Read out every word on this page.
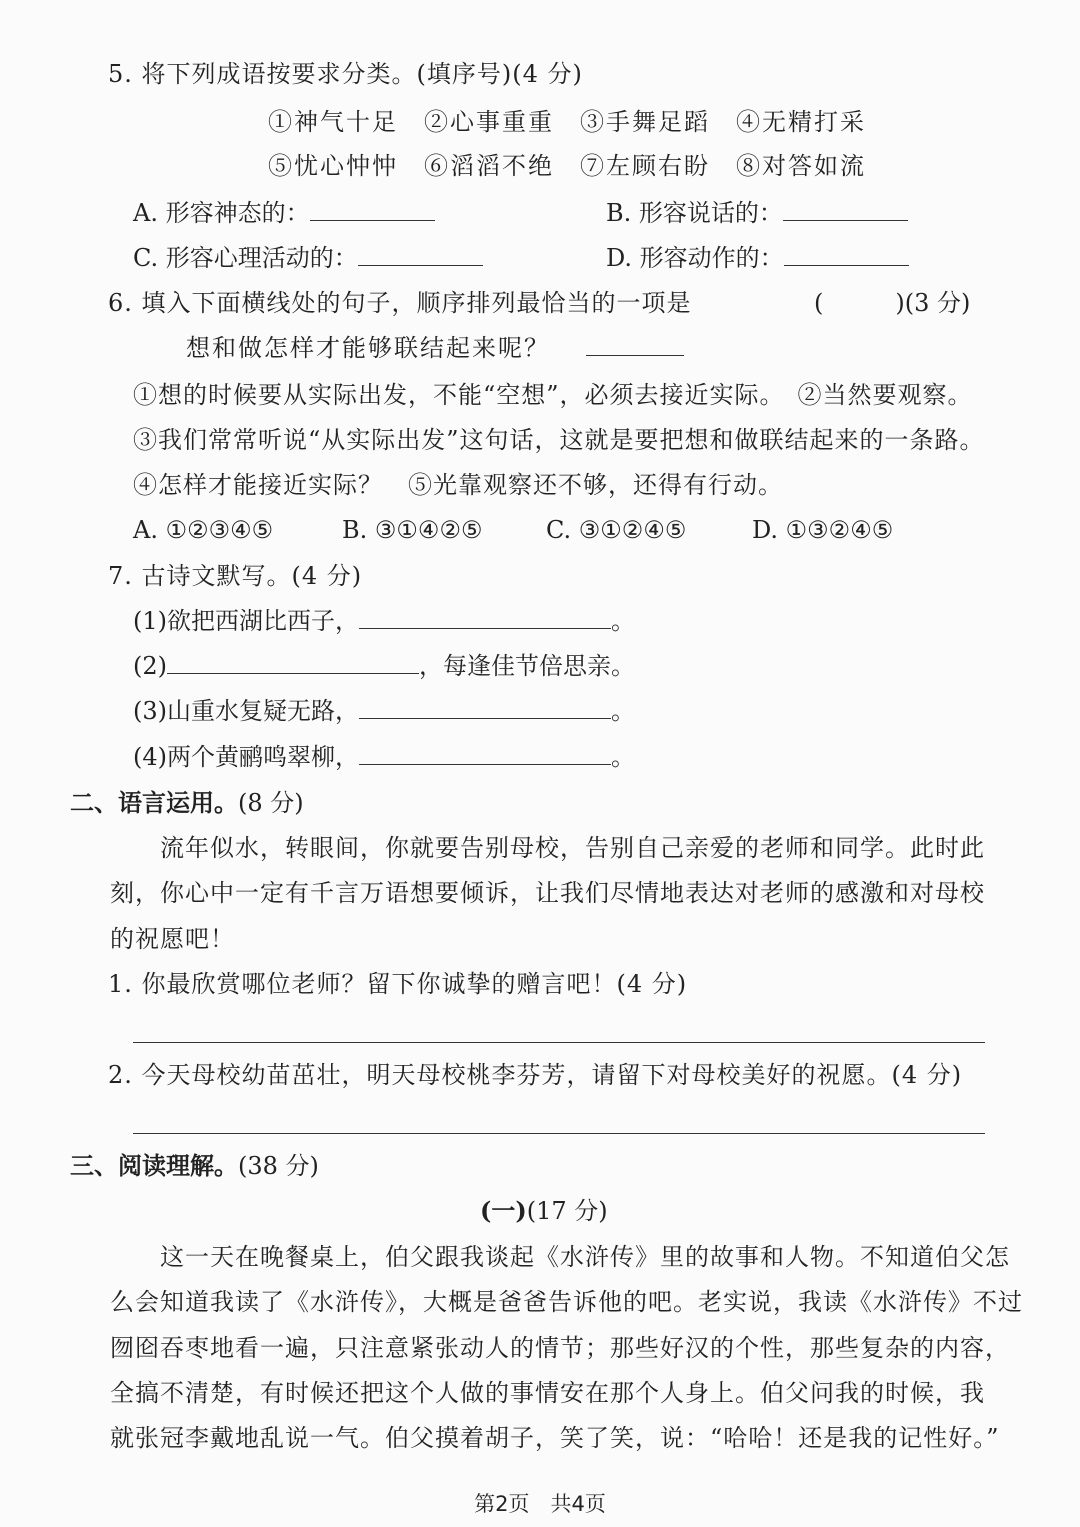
5. 将下列成语按要求分类。(填序号)(4 分)
①神气十足　②心事重重　③手舞足蹈　④无精打采
⑤忧心忡忡　⑥滔滔不绝　⑦左顾右盼　⑧对答如流
A. 形容神态的：	B. 形容说话的：
C. 形容心理活动的：	D. 形容动作的：
6. 填入下面横线处的句子，顺序排列最恰当的一项是	(　　　)(3 分)
想和做怎样才能够联结起来呢？
①想的时候要从实际出发，不能“空想”，必须去接近实际。　②当然要观察。
③我们常常听说“从实际出发”这句话，这就是要把想和做联结起来的一条路。
④怎样才能接近实际？　⑤光靠观察还不够，还得有行动。
A. ①②③④⑤	B. ③①④②⑤	C. ③①②④⑤	D. ①③②④⑤
7. 古诗文默写。(4 分)
(1)欲把西湖比西子，	。
(2)	，每逢佳节倍思亲。
(3)山重水复疑无路，	。
(4)两个黄鹂鸣翠柳，	。
二、语言运用。(8 分)
流年似水，转眼间，你就要告别母校，告别自己亲爱的老师和同学。此时此
刻，你心中一定有千言万语想要倾诉，让我们尽情地表达对老师的感激和对母校
的祝愿吧！
1. 你最欣赏哪位老师？留下你诚挚的赠言吧！(4 分)
2. 今天母校幼苗茁壮，明天母校桃李芬芳，请留下对母校美好的祝愿。(4 分)
三、阅读理解。(38 分)
(一)(17 分)
这一天在晚餐桌上，伯父跟我谈起《水浒传》里的故事和人物。不知道伯父怎
么会知道我读了《水浒传》，大概是爸爸告诉他的吧。老实说，我读《水浒传》不过
囫囵吞枣地看一遍，只注意紧张动人的情节；那些好汉的个性，那些复杂的内容，
全搞不清楚，有时候还把这个人做的事情安在那个人身上。伯父问我的时候，我
就张冠李戴地乱说一气。伯父摸着胡子，笑了笑，说：“哈哈！还是我的记性好。”
第2页　共4页
